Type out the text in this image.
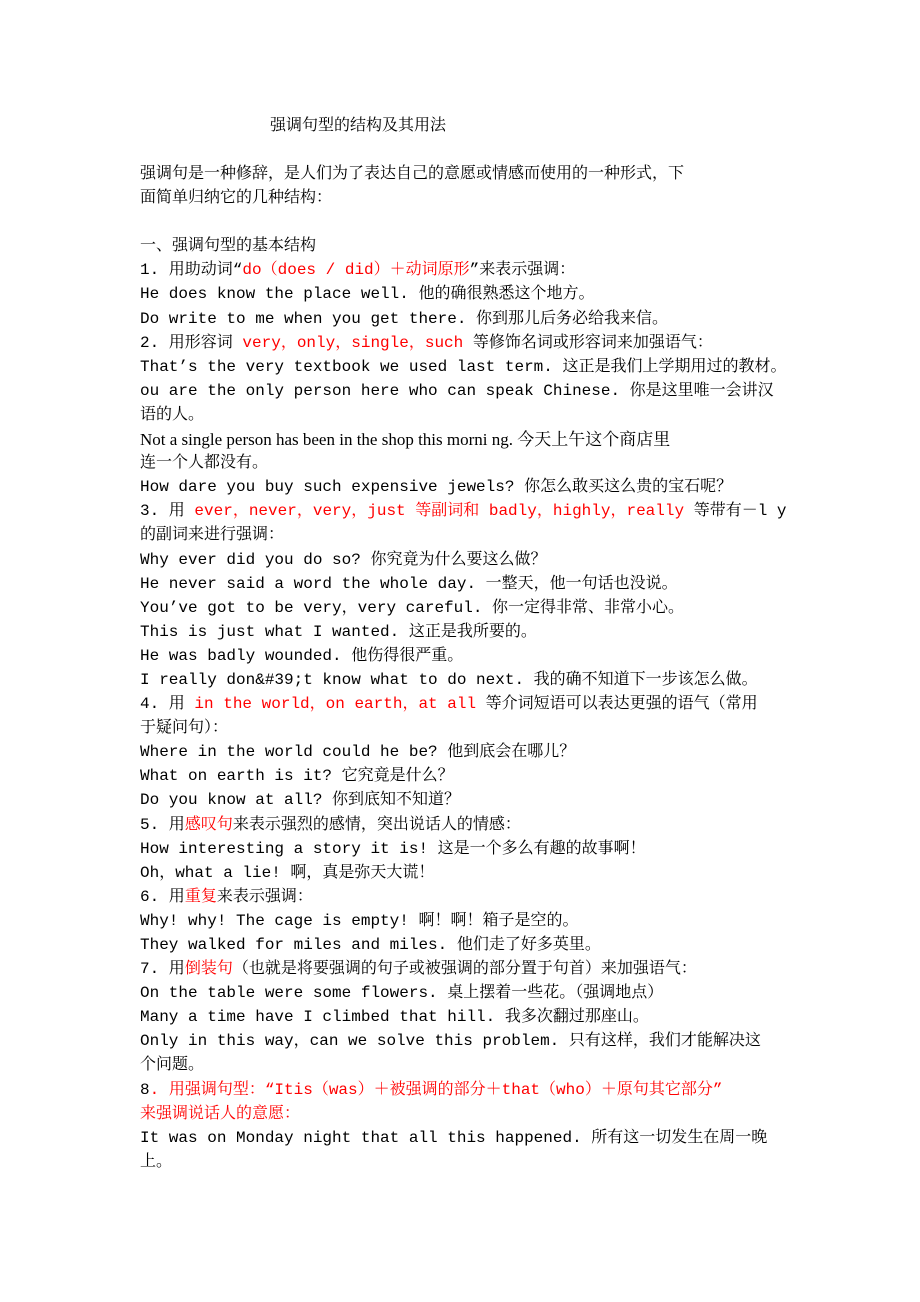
强调句型的结构及其用法
强调句是一种修辞，是人们为了表达自己的意愿或情感而使用的一种形式，下
面简单归纳它的几种结构：
一、强调句型的基本结构
1. 用助动词“do（does / did）＋动词原形”来表示强调：
He does know the place well. 他的确很熟悉这个地方。
Do write to me when you get there. 你到那儿后务必给我来信。
2. 用形容词 very，only，single，such 等修饰名词或形容词来加强语气：
That’s the very textbook we used last term. 这正是我们上学期用过的教材。
ou are the only person here who can speak Chinese. 你是这里唯一会讲汉
语的人。
Not a single person has been in the shop this morni ng. 今天上午这个商店里
连一个人都没有。
How dare you buy such expensive jewels? 你怎么敢买这么贵的宝石呢？
3. 用 ever，never，very，just 等副词和 badly，highly，really 等带有－l y
的副词来进行强调：
Why ever did you do so? 你究竟为什么要这么做？
He never said a word the whole day. 一整天，他一句话也没说。
You’ve got to be very，very careful. 你一定得非常、非常小心。
This is just what I wanted. 这正是我所要的。
He was badly wounded. 他伤得很严重。
I really don&#39;t know what to do next. 我的确不知道下一步该怎么做。
4. 用 in the world，on earth，at all 等介词短语可以表达更强的语气（常用
于疑问句）：
Where in the world could he be? 他到底会在哪儿？
What on earth is it? 它究竟是什么？
Do you know at all? 你到底知不知道？
5. 用感叹句来表示强烈的感情，突出说话人的情感：
How interesting a story it is! 这是一个多么有趣的故事啊！
Oh，what a lie! 啊，真是弥天大谎！
6. 用重复来表示强调：
Why! why! The cage is empty! 啊！啊！箱子是空的。
They walked for miles and miles. 他们走了好多英里。
7. 用倒装句（也就是将要强调的句子或被强调的部分置于句首）来加强语气：
On the table were some flowers. 桌上摆着一些花。（强调地点）
Many a time have I climbed that hill. 我多次翻过那座山。
Only in this way，can we solve this problem. 只有这样，我们才能解决这
个问题。
8. 用强调句型：“Itis（was）＋被强调的部分＋that（who）＋原句其它部分”
来强调说话人的意愿：
It was on Monday night that all this happened. 所有这一切发生在周一晚
上。
